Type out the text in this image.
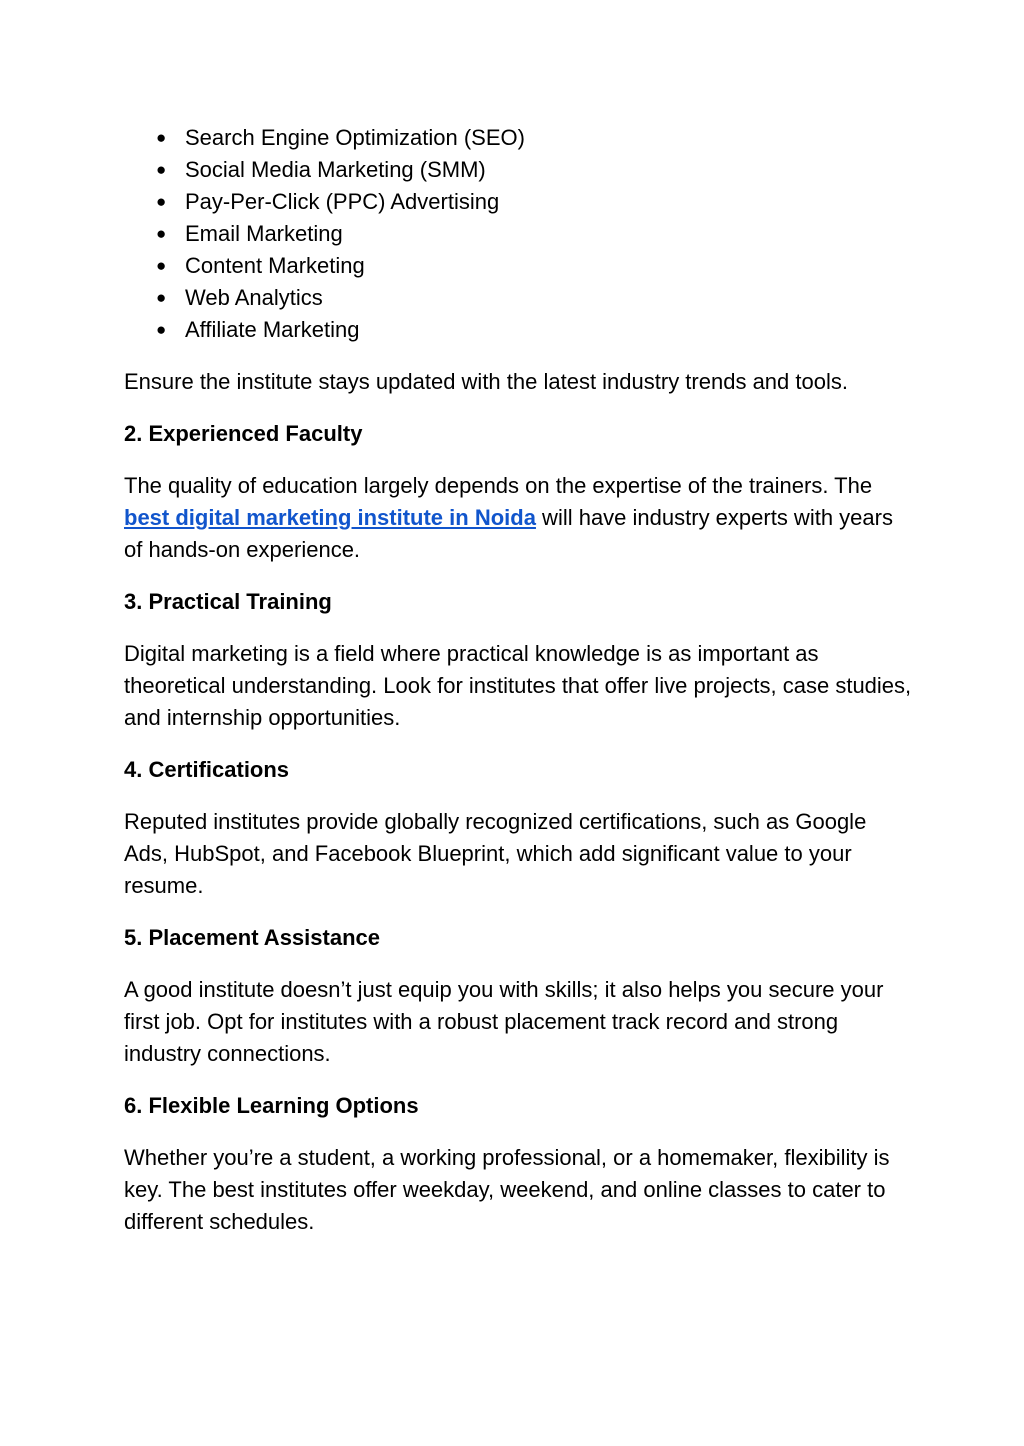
● Search Engine Optimization (SEO)
● Social Media Marketing (SMM)
● Pay-Per-Click (PPC) Advertising
● Email Marketing
● Content Marketing
● Web Analytics
● Affiliate Marketing

Ensure the institute stays updated with the latest industry trends and tools.

2. Experienced Faculty

The quality of education largely depends on the expertise of the trainers. The best digital marketing institute in Noida will have industry experts with years of hands-on experience.

3. Practical Training

Digital marketing is a field where practical knowledge is as important as theoretical understanding. Look for institutes that offer live projects, case studies, and internship opportunities.

4. Certifications

Reputed institutes provide globally recognized certifications, such as Google Ads, HubSpot, and Facebook Blueprint, which add significant value to your resume.

5. Placement Assistance

A good institute doesn’t just equip you with skills; it also helps you secure your first job. Opt for institutes with a robust placement track record and strong industry connections.

6. Flexible Learning Options

Whether you’re a student, a working professional, or a homemaker, flexibility is key. The best institutes offer weekday, weekend, and online classes to cater to different schedules.
